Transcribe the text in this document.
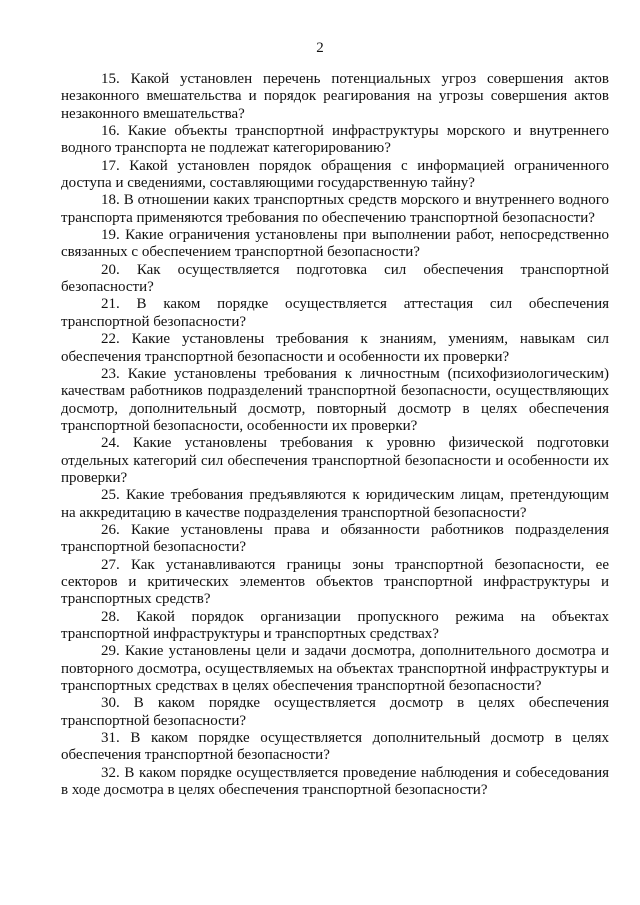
2

15. Какой установлен перечень потенциальных угроз совершения актов незаконного вмешательства и порядок реагирования на угрозы совершения актов незаконного вмешательства?

16. Какие объекты транспортной инфраструктуры морского и внутреннего водного транспорта не подлежат категорированию?

17. Какой установлен порядок обращения с информацией ограниченного доступа и сведениями, составляющими государственную тайну?

18. В отношении каких транспортных средств морского и внутреннего водного транспорта применяются требования по обеспечению транспортной безопасности?

19. Какие ограничения установлены при выполнении работ, непосредственно связанных с обеспечением транспортной безопасности?

20. Как осуществляется подготовка сил обеспечения транспортной безопасности?

21. В каком порядке осуществляется аттестация сил обеспечения транспортной безопасности?

22. Какие установлены требования к знаниям, умениям, навыкам сил обеспечения транспортной безопасности и особенности их проверки?

23. Какие установлены требования к личностным (психофизиологическим) качествам работников подразделений транспортной безопасности, осуществляющих досмотр, дополнительный досмотр, повторный досмотр в целях обеспечения транспортной безопасности, особенности их проверки?

24. Какие установлены требования к уровню физической подготовки отдельных категорий сил обеспечения транспортной безопасности и особенности их проверки?

25. Какие требования предъявляются к юридическим лицам, претендующим на аккредитацию в качестве подразделения транспортной безопасности?

26. Какие установлены права и обязанности работников подразделения транспортной безопасности?

27. Как устанавливаются границы зоны транспортной безопасности, ее секторов и критических элементов объектов транспортной инфраструктуры и транспортных средств?

28. Какой порядок организации пропускного режима на объектах транспортной инфраструктуры и транспортных средствах?

29. Какие установлены цели и задачи досмотра, дополнительного досмотра и повторного досмотра, осуществляемых на объектах транспортной инфраструктуры и транспортных средствах в целях обеспечения транспортной безопасности?

30. В каком порядке осуществляется досмотр в целях обеспечения транспортной безопасности?

31. В каком порядке осуществляется дополнительный досмотр в целях обеспечения транспортной безопасности?

32. В каком порядке осуществляется проведение наблюдения и собеседования в ходе досмотра в целях обеспечения транспортной безопасности?
